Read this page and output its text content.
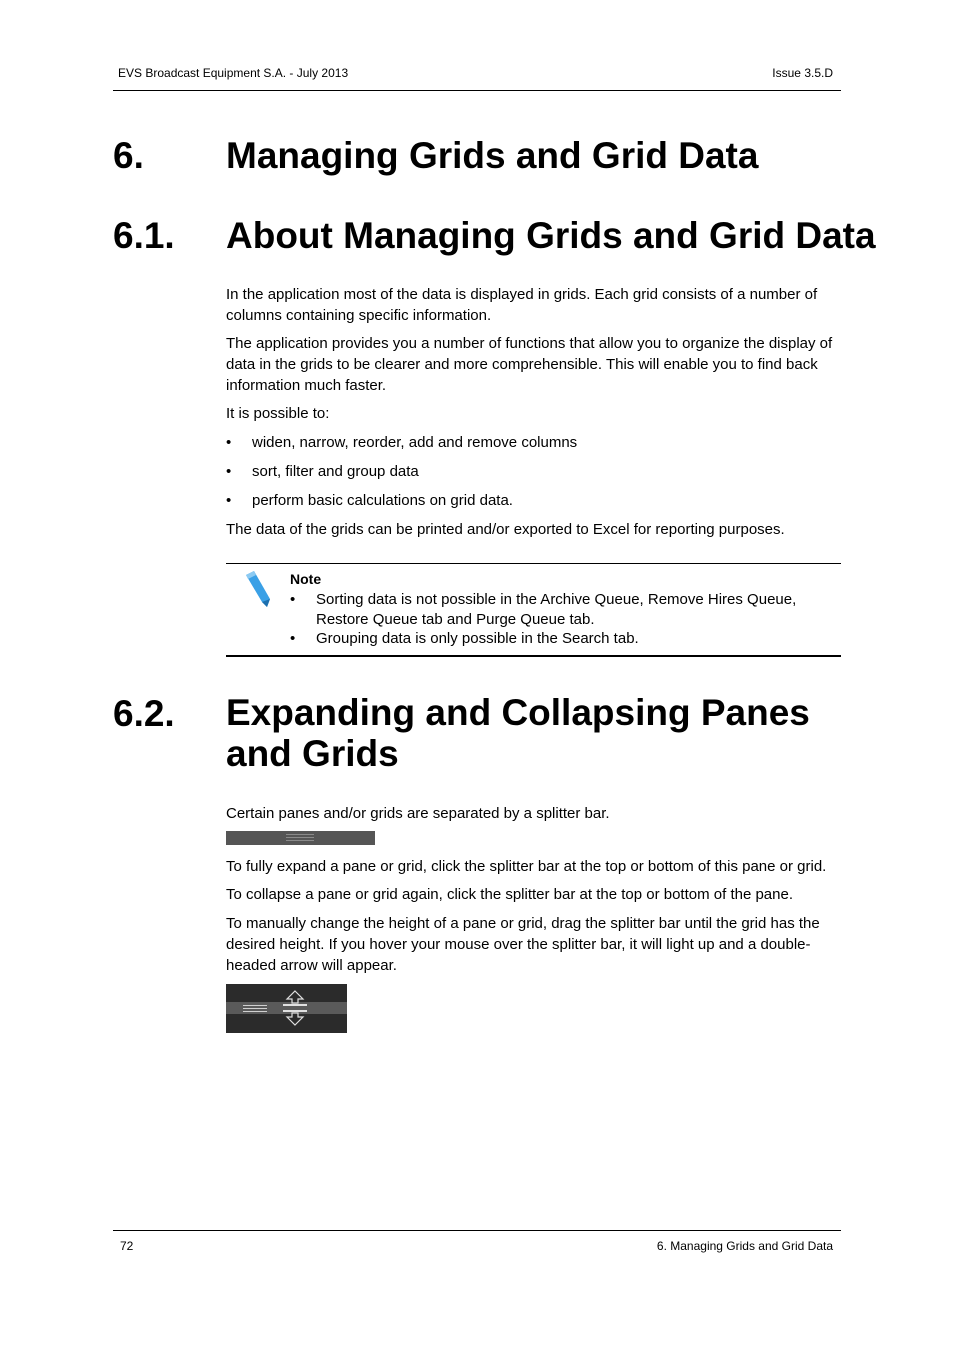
EVS Broadcast Equipment S.A. - July 2013	Issue 3.5.D
6. Managing Grids and Grid Data
6.1. About Managing Grids and Grid Data
In the application most of the data is displayed in grids. Each grid consists of a number of columns containing specific information.
The application provides you a number of functions that allow you to organize the display of data in the grids to be clearer and more comprehensible. This will enable you to find back information much faster.
It is possible to:
• widen, narrow, reorder, add and remove columns
• sort, filter and group data
• perform basic calculations on grid data.
The data of the grids can be printed and/or exported to Excel for reporting purposes.
Note
• Sorting data is not possible in the Archive Queue, Remove Hires Queue, Restore Queue tab and Purge Queue tab.
• Grouping data is only possible in the Search tab.
6.2. Expanding and Collapsing Panes and Grids
Certain panes and/or grids are separated by a splitter bar.
To fully expand a pane or grid, click the splitter bar at the top or bottom of this pane or grid.
To collapse a pane or grid again, click the splitter bar at the top or bottom of the pane.
To manually change the height of a pane or grid, drag the splitter bar until the grid has the desired height. If you hover your mouse over the splitter bar, it will light up and a double-headed arrow will appear.
72	6. Managing Grids and Grid Data
